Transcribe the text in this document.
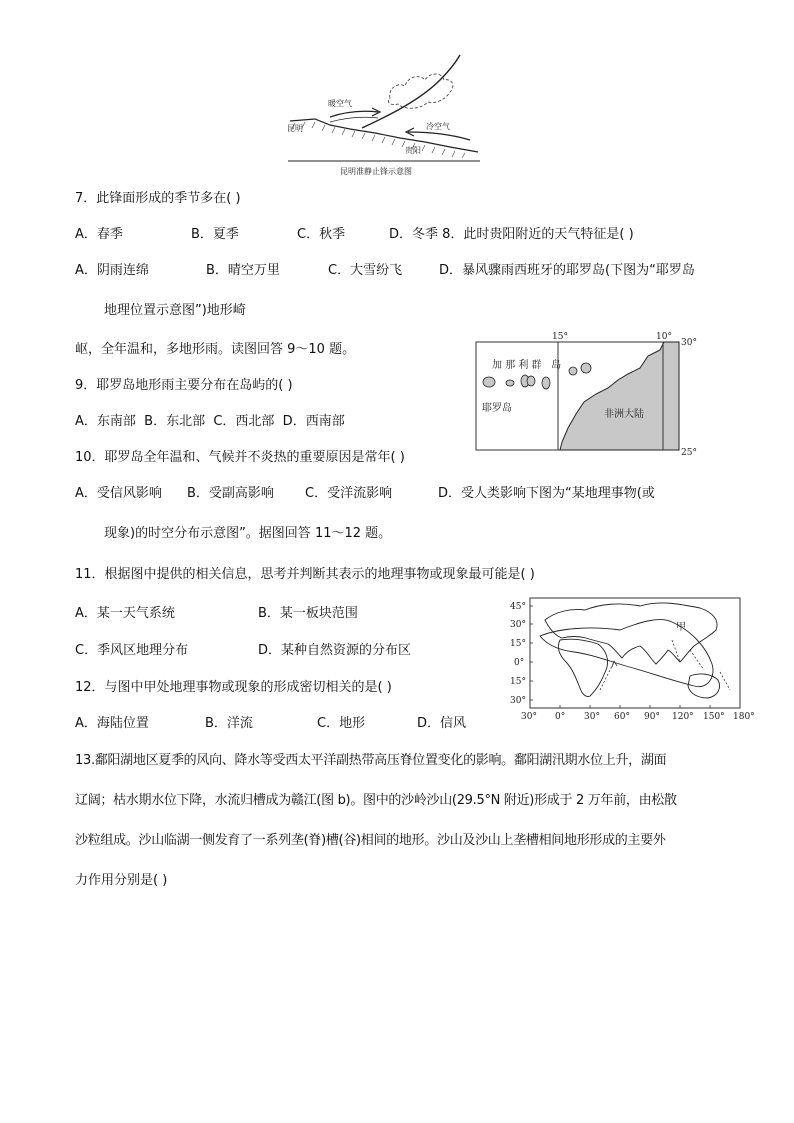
暖空气
冷空气
昆明
贵阳
昆明准静止锋示意图
7．此锋面形成的季节多在( )
A．春季	B．夏季	C．秋季	D．冬季 8．此时贵阳附近的天气特征是( )
A．阴雨连绵	B．晴空万里	C．大雪纷飞	D．暴风骤雨西班牙的耶罗岛(下图为“耶罗岛
地理位置示意图”)地形崎
岖，全年温和，多地形雨。读图回答 9～10 题。
15°	10°
30°
25°
加 那 利 群   岛
耶罗岛
非洲大陆
9．耶罗岛地形雨主要分布在岛屿的( )
A．东南部  B．东北部  C．西北部  D．西南部
10．耶罗岛全年温和、气候并不炎热的重要原因是常年( )
A．受信风影响 B．受副高影响 C．受洋流影响	D．受人类影响下图为“某地理事物(或
现象)的时空分布示意图”。据图回答 11～12 题。
11．根据图中提供的相关信息，思考并判断其表示的地理事物或现象最可能是( )
A．某一天气系统	B．某一板块范围
C．季风区地理分布	D．某种自然资源的分布区
甲
45°
30°
15°
0°
15°
30°
30° 0° 30° 60° 90° 120° 150° 180°
12．与图中甲处地理事物或现象的形成密切相关的是( )
A．海陆位置	B．洋流	C．地形	D．信风
13.鄱阳湖地区夏季的风向、降水等受西太平洋副热带高压脊位置变化的影响。鄱阳湖汛期水位上升，湖面
辽阔；枯水期水位下降，水流归槽成为赣江(图 b)。图中的沙岭沙山(29.5°N 附近)形成于 2 万年前，由松散
沙粒组成。沙山临湖一侧发育了一系列垄(脊)槽(谷)相间的地形。沙山及沙山上垄槽相间地形形成的主要外
力作用分别是( )
